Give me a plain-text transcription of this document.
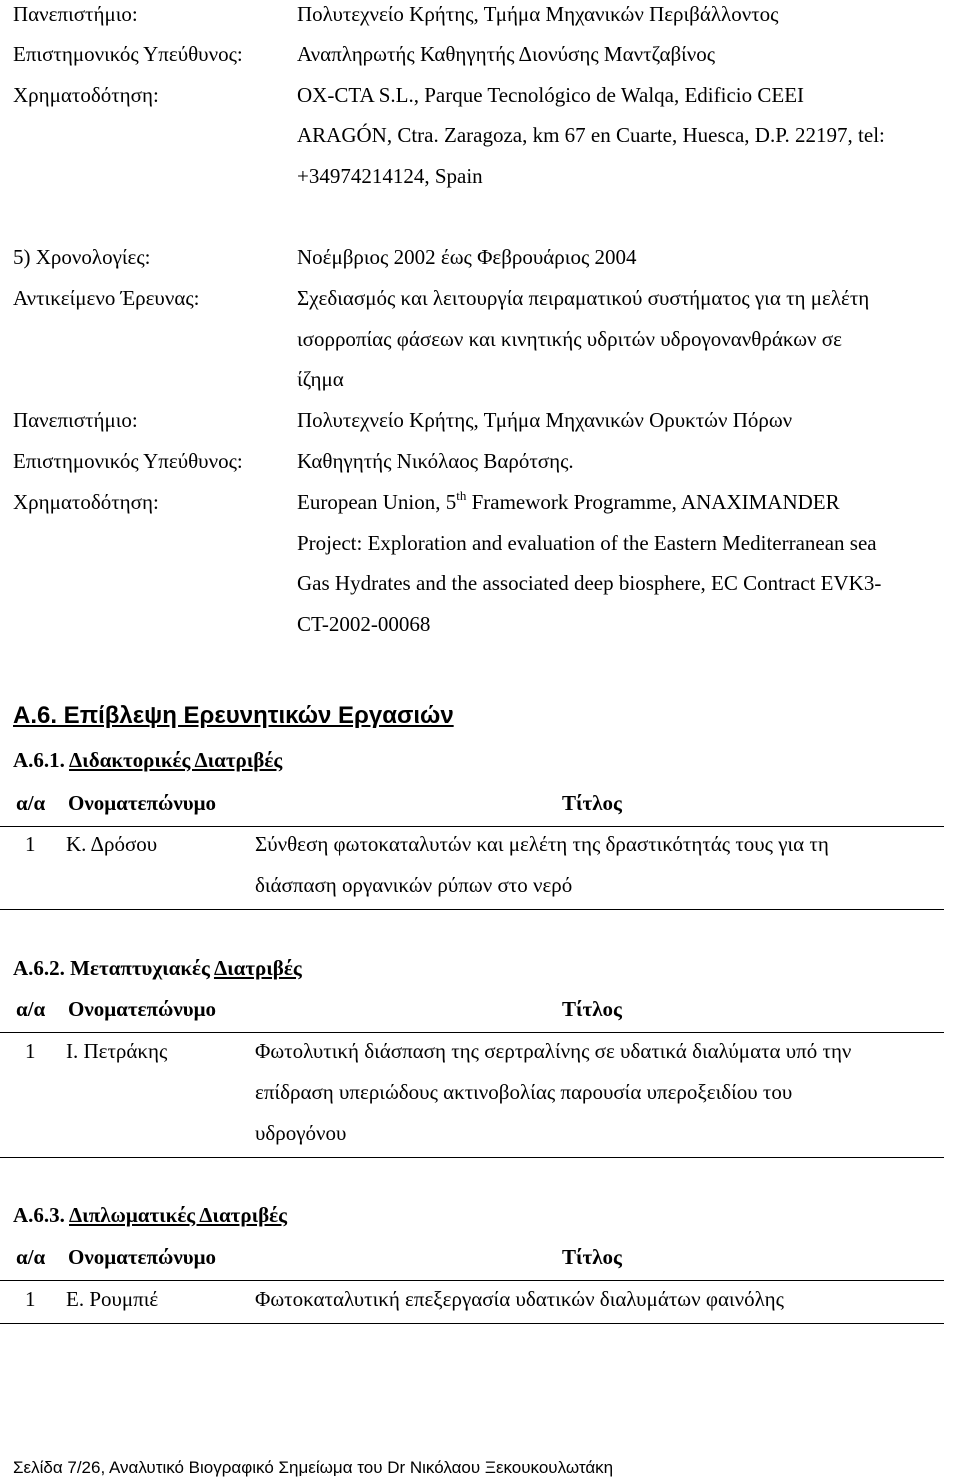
Πανεπιστήμιο:	Πολυτεχνείο Κρήτης, Τμήμα Μηχανικών Περιβάλλοντος
Επιστημονικός Υπεύθυνος:	Αναπληρωτής Καθηγητής Διονύσης Μαντζαβίνος
Χρηματοδότηση:	OX-CTA S.L., Parque Tecnológico de Walqa, Edificio CEEI
ARAGÓN, Ctra. Zaragoza, km 67 en Cuarte, Huesca, D.P. 22197, tel:
+34974214124, Spain
5) Χρονολογίες:	Νοέμβριος 2002 έως Φεβρουάριος 2004
Αντικείμενο Έρευνας:	Σχεδιασμός και λειτουργία πειραματικού συστήματος για τη μελέτη
ισορροπίας φάσεων και κινητικής υδριτών υδρογονανθράκων σε
ίζημα
Πανεπιστήμιο:	Πολυτεχνείο Κρήτης, Τμήμα Μηχανικών Ορυκτών Πόρων
Επιστημονικός Υπεύθυνος:	Καθηγητής Νικόλαος Βαρότσης.
Χρηματοδότηση:	European Union, 5th Framework Programme, ANAXIMANDER
Project: Exploration and evaluation of the Eastern Mediterranean sea
Gas Hydrates and the associated deep biosphere, EC Contract EVK3-
CT-2002-00068
Α.6. Επίβλεψη Ερευνητικών Εργασιών
Α.6.1. Διδακτορικές Διατριβές
α/α Ονοματεπώνυμο	Τίτλος
1 Κ. Δρόσου	Σύνθεση φωτοκαταλυτών και μελέτη της δραστικότητάς τους για τη
διάσπαση οργανικών ρύπων στο νερό
Α.6.2. Μεταπτυχιακές Διατριβές
α/α Ονοματεπώνυμο	Τίτλος
1 Ι. Πετράκης	Φωτολυτική διάσπαση της σερτραλίνης σε υδατικά διαλύματα υπό την
επίδραση υπεριώδους ακτινοβολίας παρουσία υπεροξειδίου του
υδρογόνου
Α.6.3. Διπλωματικές Διατριβές
α/α Ονοματεπώνυμο	Τίτλος
1 Ε. Ρουμπιέ	Φωτοκαταλυτική επεξεργασία υδατικών διαλυμάτων φαινόλης
Σελίδα 7/26, Αναλυτικό Βιογραφικό Σημείωμα του Dr Νικόλαου Ξεκουκουλωτάκη
